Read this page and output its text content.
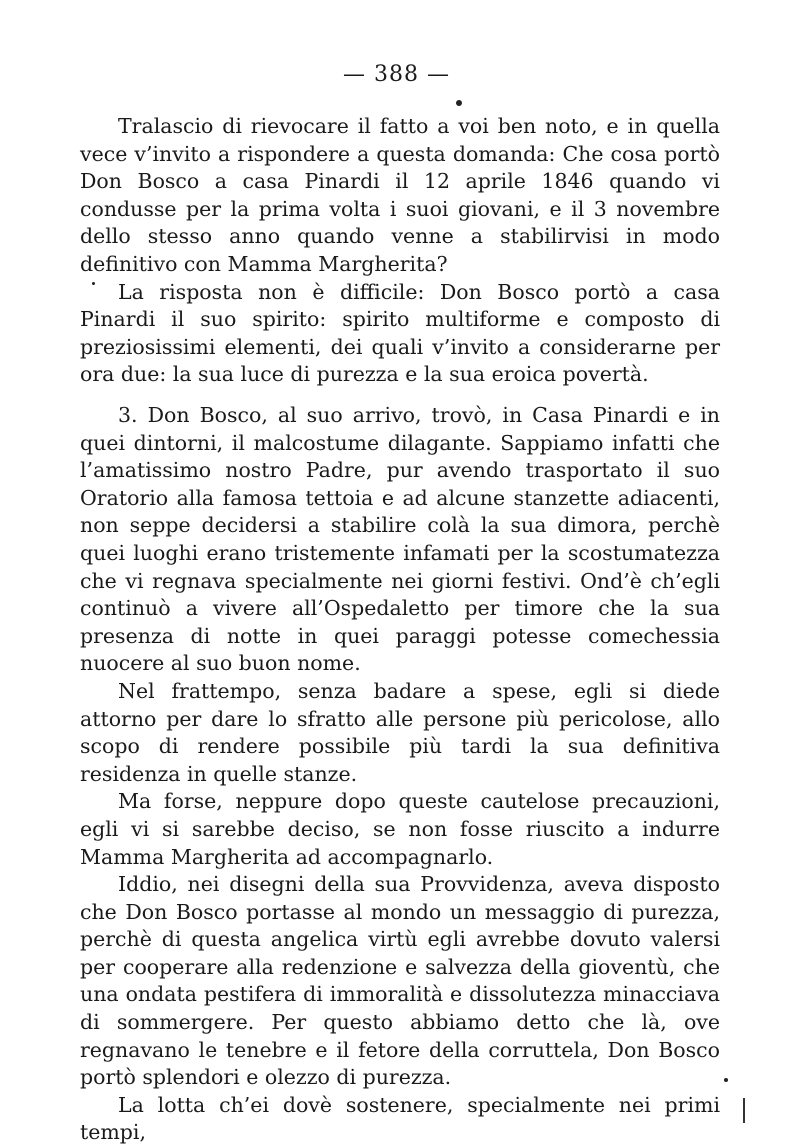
— 388 —

Tralascio di rievocare il fatto a voi ben noto, e in quella vece v’invito a rispondere a questa domanda: Che cosa portò Don Bosco a casa Pinardi il 12 aprile 1846 quando vi condusse per la prima volta i suoi giovani, e il 3 novembre dello stesso anno quando venne a stabilirvisi in modo definitivo con Mamma Margherita?

La risposta non è difficile: Don Bosco portò a casa Pinardi il suo spirito: spirito multiforme e composto di preziosissimi elementi, dei quali v’invito a considerarne per ora due: la sua luce di purezza e la sua eroica povertà.

3. Don Bosco, al suo arrivo, trovò, in Casa Pinardi e in quei dintorni, il malcostume dilagante. Sappiamo infatti che l’amatissimo nostro Padre, pur avendo trasportato il suo Oratorio alla famosa tettoia e ad alcune stanzette adiacenti, non seppe decidersi a stabilire colà la sua dimora, perchè quei luoghi erano tristemente infamati per la scostumatezza che vi regnava specialmente nei giorni festivi. Ond’è ch’egli continuò a vivere all’Ospedaletto per timore che la sua presenza di notte in quei paraggi potesse comechessia nuocere al suo buon nome.

Nel frattempo, senza badare a spese, egli si diede attorno per dare lo sfratto alle persone più pericolose, allo scopo di rendere possibile più tardi la sua definitiva residenza in quelle stanze.

Ma forse, neppure dopo queste cautelose precauzioni, egli vi si sarebbe deciso, se non fosse riuscito a indurre Mamma Margherita ad accompagnarlo.

Iddio, nei disegni della sua Provvidenza, aveva disposto che Don Bosco portasse al mondo un messaggio di purezza, perchè di questa angelica virtù egli avrebbe dovuto valersi per cooperare alla redenzione e salvezza della gioventù, che una ondata pestifera di immoralità e dissolutezza minacciava di sommergere. Per questo abbiamo detto che là, ove regnavano le tenebre e il fetore della corruttela, Don Bosco portò splendori e olezzo di purezza.

La lotta ch’ei dovè sostenere, specialmente nei primi tempi,
